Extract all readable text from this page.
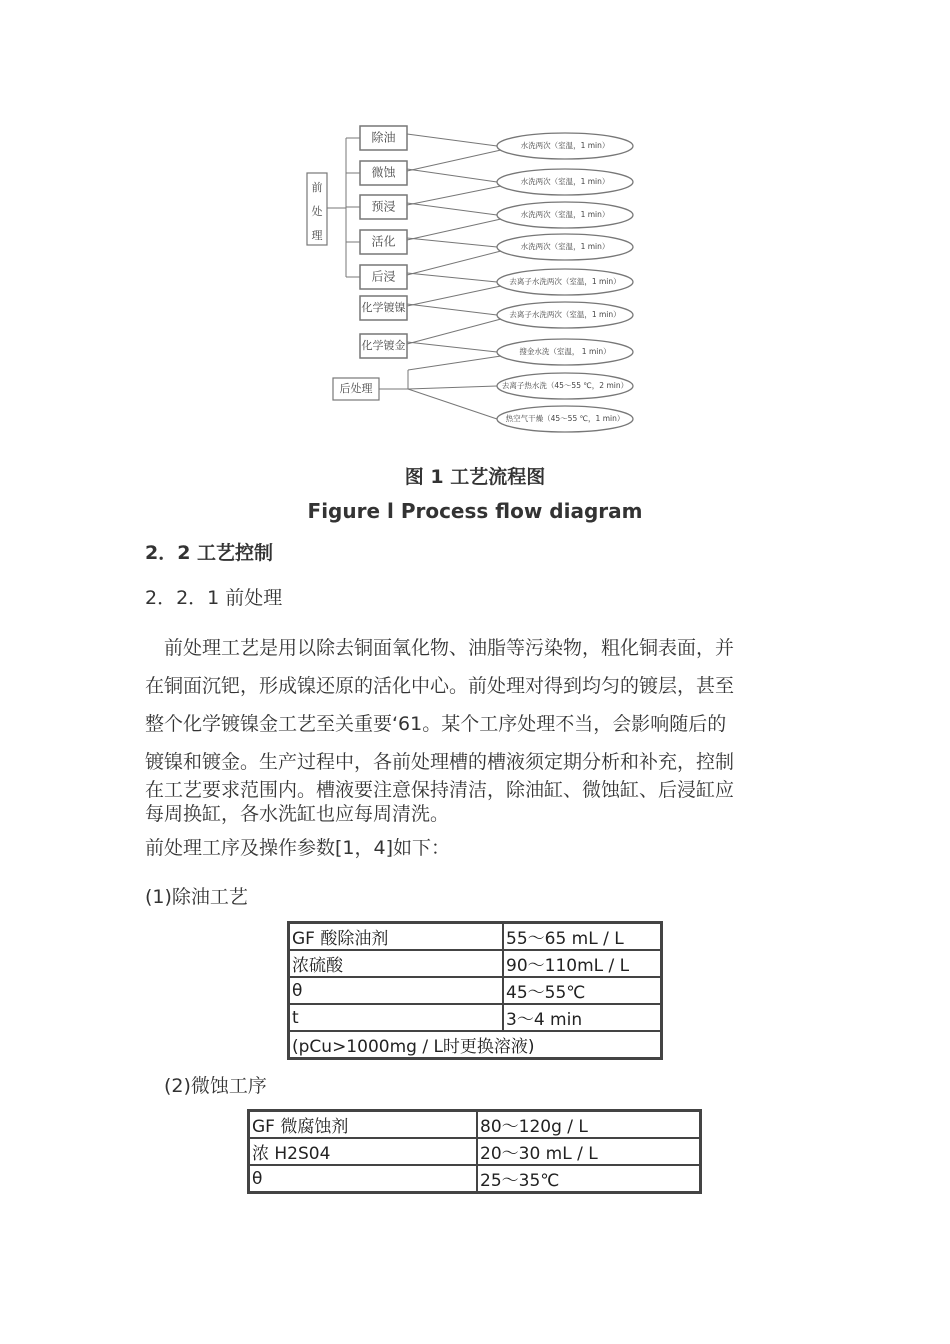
除油
微蚀
预浸
活化
后浸
化学镀镍
化学镀金
前
处
理
后处理
水洗两次（室温，1 min）
水洗两次（室温，1 min）
水洗两次（室温，1 min）
水洗两次（室温，1 min）
去离子水洗两次（室温，1 min）
去离子水洗两次（室温，1 min）
搜金水洗（室温， 1 min）
去离子热水洗（45～55 ℃，2 min）
热空气干燥（45～55 ℃，1 min）
图 1 工艺流程图
Figure l Process flow diagram
2．2 工艺控制
2．2．1 前处理
前处理工艺是用以除去铜面氧化物、油脂等污染物，粗化铜表面，并
在铜面沉钯，形成镍还原的活化中心。前处理对得到均匀的镀层，甚至
整个化学镀镍金工艺至关重要‘61。某个工序处理不当，会影响随后的
镀镍和镀金。生产过程中，各前处理槽的槽液须定期分析和补充，控制
在工艺要求范围内。槽液要注意保持清洁，除油缸、微蚀缸、后浸缸应
每周换缸，各水洗缸也应每周清洗。
前处理工序及操作参数[1，4]如下：
(1)除油工艺
GF 酸除油剂	55～65 mL / L
浓硫酸	90～110mL / L
θ	45～55℃
t	3～4 min
(pCu>1000mg / L时更换溶液)	
(2)微蚀工序
GF 微腐蚀剂	80～120g / L
浓 H2S04	20～30 mL / L
θ	25～35℃
